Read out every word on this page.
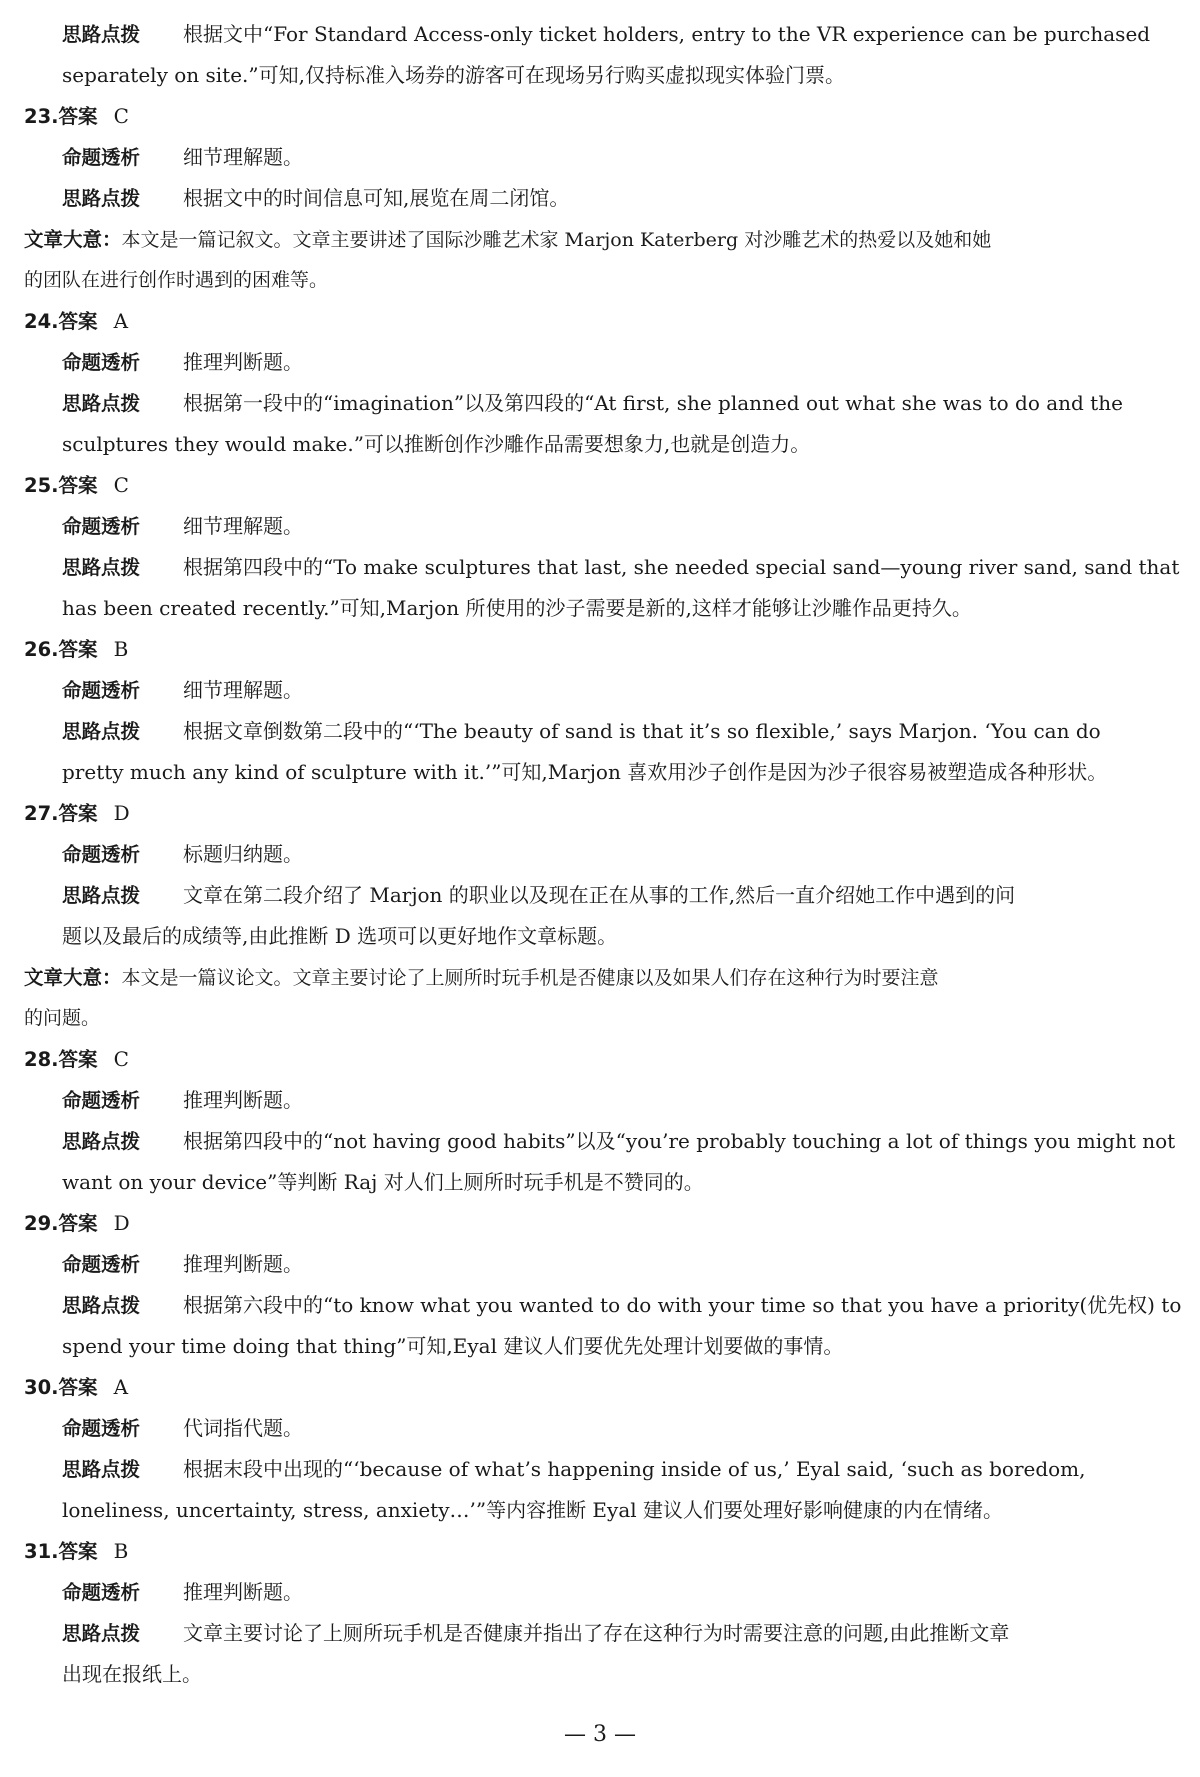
思路点拨 根据文中“For Standard Access-only ticket holders, entry to the VR experience can be purchased
separately on site.”可知,仅持标准入场券的游客可在现场另行购买虚拟现实体验门票。
23.答案 C
命题透析 细节理解题。
思路点拨 根据文中的时间信息可知,展览在周二闭馆。
文章大意：本文是一篇记叙文。文章主要讲述了国际沙雕艺术家 Marjon Katerberg 对沙雕艺术的热爱以及她和她
的团队在进行创作时遇到的困难等。
24.答案 A
命题透析 推理判断题。
思路点拨 根据第一段中的“imagination”以及第四段的“At first, she planned out what she was to do and the
sculptures they would make.”可以推断创作沙雕作品需要想象力,也就是创造力。
25.答案 C
命题透析 细节理解题。
思路点拨 根据第四段中的“To make sculptures that last, she needed special sand—young river sand, sand that
has been created recently.”可知,Marjon 所使用的沙子需要是新的,这样才能够让沙雕作品更持久。
26.答案 B
命题透析 细节理解题。
思路点拨 根据文章倒数第二段中的“‘The beauty of sand is that it’s so flexible,’ says Marjon. ‘You can do
pretty much any kind of sculpture with it.’”可知,Marjon 喜欢用沙子创作是因为沙子很容易被塑造成各种形状。
27.答案 D
命题透析 标题归纳题。
思路点拨 文章在第二段介绍了 Marjon 的职业以及现在正在从事的工作,然后一直介绍她工作中遇到的问
题以及最后的成绩等,由此推断 D 选项可以更好地作文章标题。
文章大意：本文是一篇议论文。文章主要讨论了上厕所时玩手机是否健康以及如果人们存在这种行为时要注意
的问题。
28.答案 C
命题透析 推理判断题。
思路点拨 根据第四段中的“not having good habits”以及“you’re probably touching a lot of things you might not
want on your device”等判断 Raj 对人们上厕所时玩手机是不赞同的。
29.答案 D
命题透析 推理判断题。
思路点拨 根据第六段中的“to know what you wanted to do with your time so that you have a priority(优先权) to
spend your time doing that thing”可知,Eyal 建议人们要优先处理计划要做的事情。
30.答案 A
命题透析 代词指代题。
思路点拨 根据末段中出现的“‘because of what’s happening inside of us,’ Eyal said, ‘such as boredom,
loneliness, uncertainty, stress, anxiety…’”等内容推断 Eyal 建议人们要处理好影响健康的内在情绪。
31.答案 B
命题透析 推理判断题。
思路点拨 文章主要讨论了上厕所玩手机是否健康并指出了存在这种行为时需要注意的问题,由此推断文章
出现在报纸上。
— 3 —
